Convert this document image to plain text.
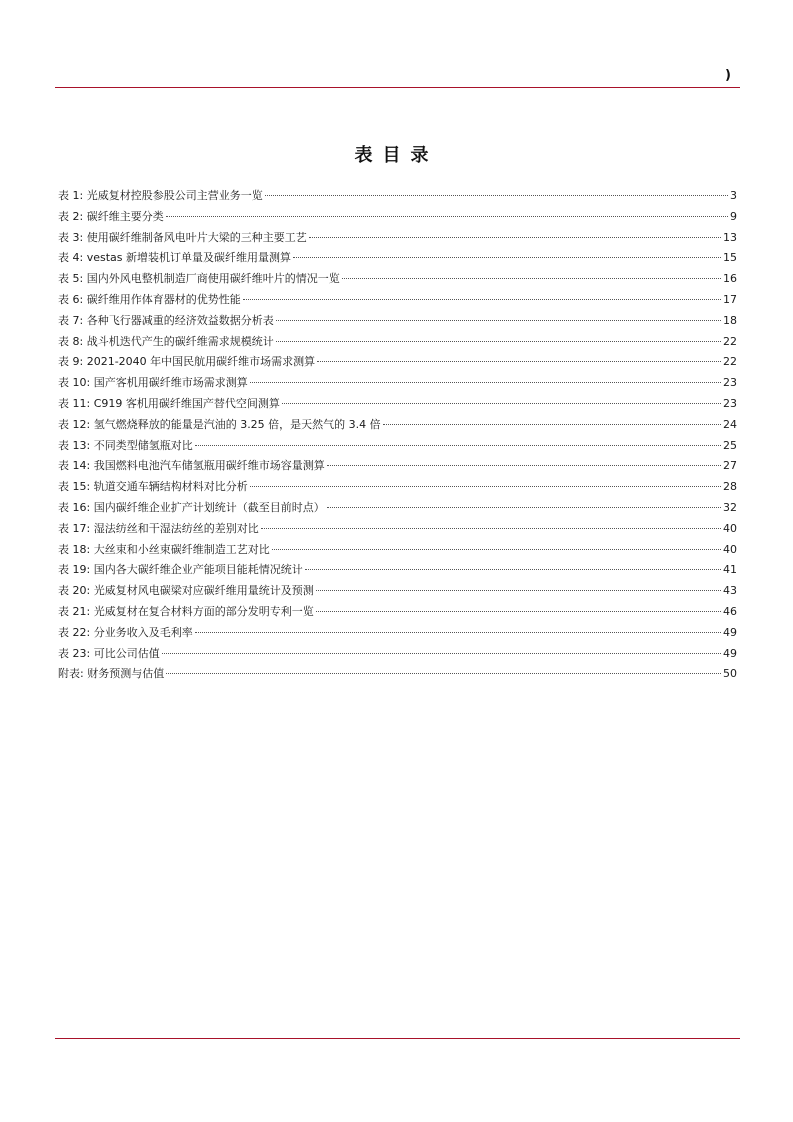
)
表目录
表 1: 光威复材控股参股公司主营业务一览	3
表 2: 碳纤维主要分类	9
表 3: 使用碳纤维制备风电叶片大梁的三种主要工艺	13
表 4: vestas 新增装机订单量及碳纤维用量测算	15
表 5: 国内外风电整机制造厂商使用碳纤维叶片的情况一览	16
表 6: 碳纤维用作体育器材的优势性能	17
表 7: 各种飞行器减重的经济效益数据分析表	18
表 8: 战斗机迭代产生的碳纤维需求规模统计	22
表 9: 2021-2040 年中国民航用碳纤维市场需求测算	22
表 10: 国产客机用碳纤维市场需求测算	23
表 11: C919 客机用碳纤维国产替代空间测算	23
表 12: 氢气燃烧释放的能量是汽油的 3.25 倍，是天然气的 3.4 倍	24
表 13: 不同类型储氢瓶对比	25
表 14: 我国燃料电池汽车储氢瓶用碳纤维市场容量测算	27
表 15: 轨道交通车辆结构材料对比分析	28
表 16: 国内碳纤维企业扩产计划统计（截至目前时点）	32
表 17: 湿法纺丝和干湿法纺丝的差别对比	40
表 18: 大丝束和小丝束碳纤维制造工艺对比	40
表 19: 国内各大碳纤维企业产能项目能耗情况统计	41
表 20: 光威复材风电碳梁对应碳纤维用量统计及预测	43
表 21: 光威复材在复合材料方面的部分发明专利一览	46
表 22: 分业务收入及毛利率	49
表 23: 可比公司估值	49
附表: 财务预测与估值	50
